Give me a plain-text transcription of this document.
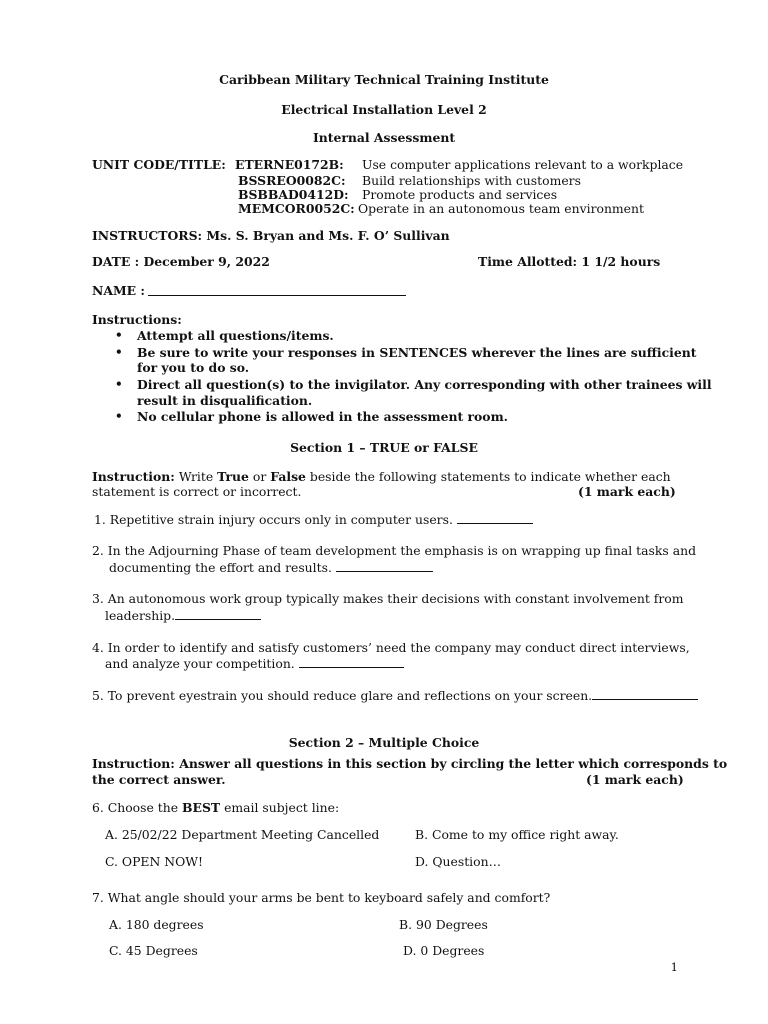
Caribbean Military Technical Training Institute
Electrical Installation Level 2
Internal Assessment
UNIT CODE/TITLE: ETERNE0172B: Use computer applications relevant to a workplace
BSSREO0082C: Build relationships with customers
BSBBAD0412D: Promote products and services
MEMCOR0052C: Operate in an autonomous team environment
INSTRUCTORS: Ms. S. Bryan and Ms. F. O’ Sullivan
DATE : December 9, 2022	Time Allotted: 1 1/2 hours
NAME :
Instructions:
• Attempt all questions/items.
• Be sure to write your responses in SENTENCES wherever the lines are sufficient
for you to do so.
• Direct all question(s) to the invigilator. Any corresponding with other trainees will
result in disqualification.
• No cellular phone is allowed in the assessment room.
Section 1 – TRUE or FALSE
Instruction: Write True or False beside the following statements to indicate whether each
statement is correct or incorrect.	(1 mark each)
1. Repetitive strain injury occurs only in computer users.
2. In the Adjourning Phase of team development the emphasis is on wrapping up final tasks and
documenting the effort and results.
3. An autonomous work group typically makes their decisions with constant involvement from
leadership.
4. In order to identify and satisfy customers’ need the company may conduct direct interviews,
and analyze your competition.
5. To prevent eyestrain you should reduce glare and reflections on your screen.
Section 2 – Multiple Choice
Instruction: Answer all questions in this section by circling the letter which corresponds to
the correct answer.	(1 mark each)
6. Choose the BEST email subject line:
A. 25/02/22 Department Meeting Cancelled	B. Come to my office right away.
C. OPEN NOW!	D. Question…
7. What angle should your arms be bent to keyboard safely and comfort?
A. 180 degrees	B. 90 Degrees
C. 45 Degrees	D. 0 Degrees
1
